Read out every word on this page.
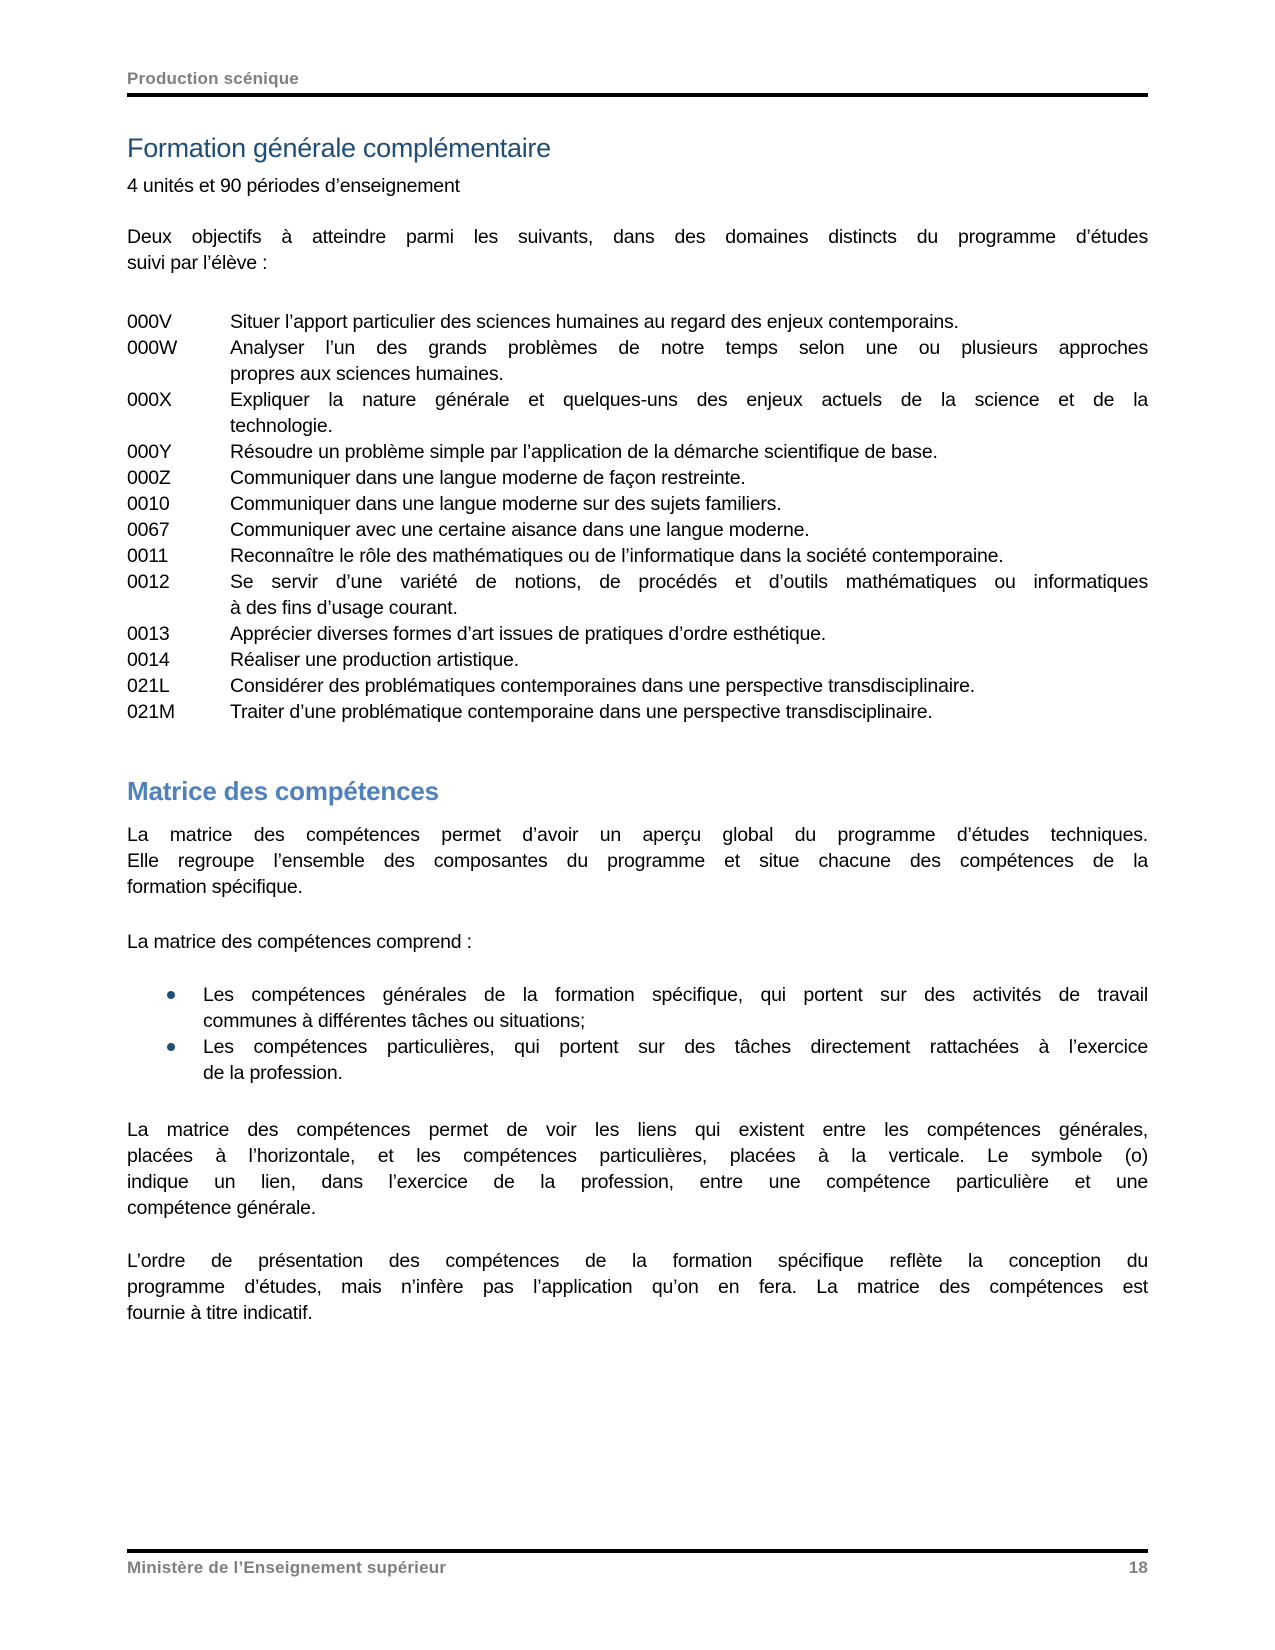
Production scénique
Formation générale complémentaire
4 unités et 90 périodes d’enseignement
Deux objectifs à atteindre parmi les suivants, dans des domaines distincts du programme d’études
suivi par l’élève :
000V	Situer l’apport particulier des sciences humaines au regard des enjeux contemporains.
000W	Analyser l’un des grands problèmes de notre temps selon une ou plusieurs approches
propres aux sciences humaines.
000X	Expliquer la nature générale et quelques-uns des enjeux actuels de la science et de la
technologie.
000Y	Résoudre un problème simple par l’application de la démarche scientifique de base.
000Z	Communiquer dans une langue moderne de façon restreinte.
0010	Communiquer dans une langue moderne sur des sujets familiers.
0067	Communiquer avec une certaine aisance dans une langue moderne.
0011	Reconnaître le rôle des mathématiques ou de l’informatique dans la société contemporaine.
0012	Se servir d’une variété de notions, de procédés et d’outils mathématiques ou informatiques
à des fins d’usage courant.
0013	Apprécier diverses formes d’art issues de pratiques d’ordre esthétique.
0014	Réaliser une production artistique.
021L	Considérer des problématiques contemporaines dans une perspective transdisciplinaire.
021M	Traiter d’une problématique contemporaine dans une perspective transdisciplinaire.
Matrice des compétences
La matrice des compétences permet d’avoir un aperçu global du programme d’études techniques.
Elle regroupe l’ensemble des composantes du programme et situe chacune des compétences de la
formation spécifique.
La matrice des compétences comprend :
Les compétences générales de la formation spécifique, qui portent sur des activités de travail
communes à différentes tâches ou situations;
Les compétences particulières, qui portent sur des tâches directement rattachées à l’exercice
de la profession.
La matrice des compétences permet de voir les liens qui existent entre les compétences générales,
placées à l’horizontale, et les compétences particulières, placées à la verticale. Le symbole (o)
indique un lien, dans l’exercice de la profession, entre une compétence particulière et une
compétence générale.
L’ordre de présentation des compétences de la formation spécifique reflète la conception du
programme d’études, mais n’infère pas l’application qu’on en fera. La matrice des compétences est
fournie à titre indicatif.
Ministère de l’Enseignement supérieur	18
